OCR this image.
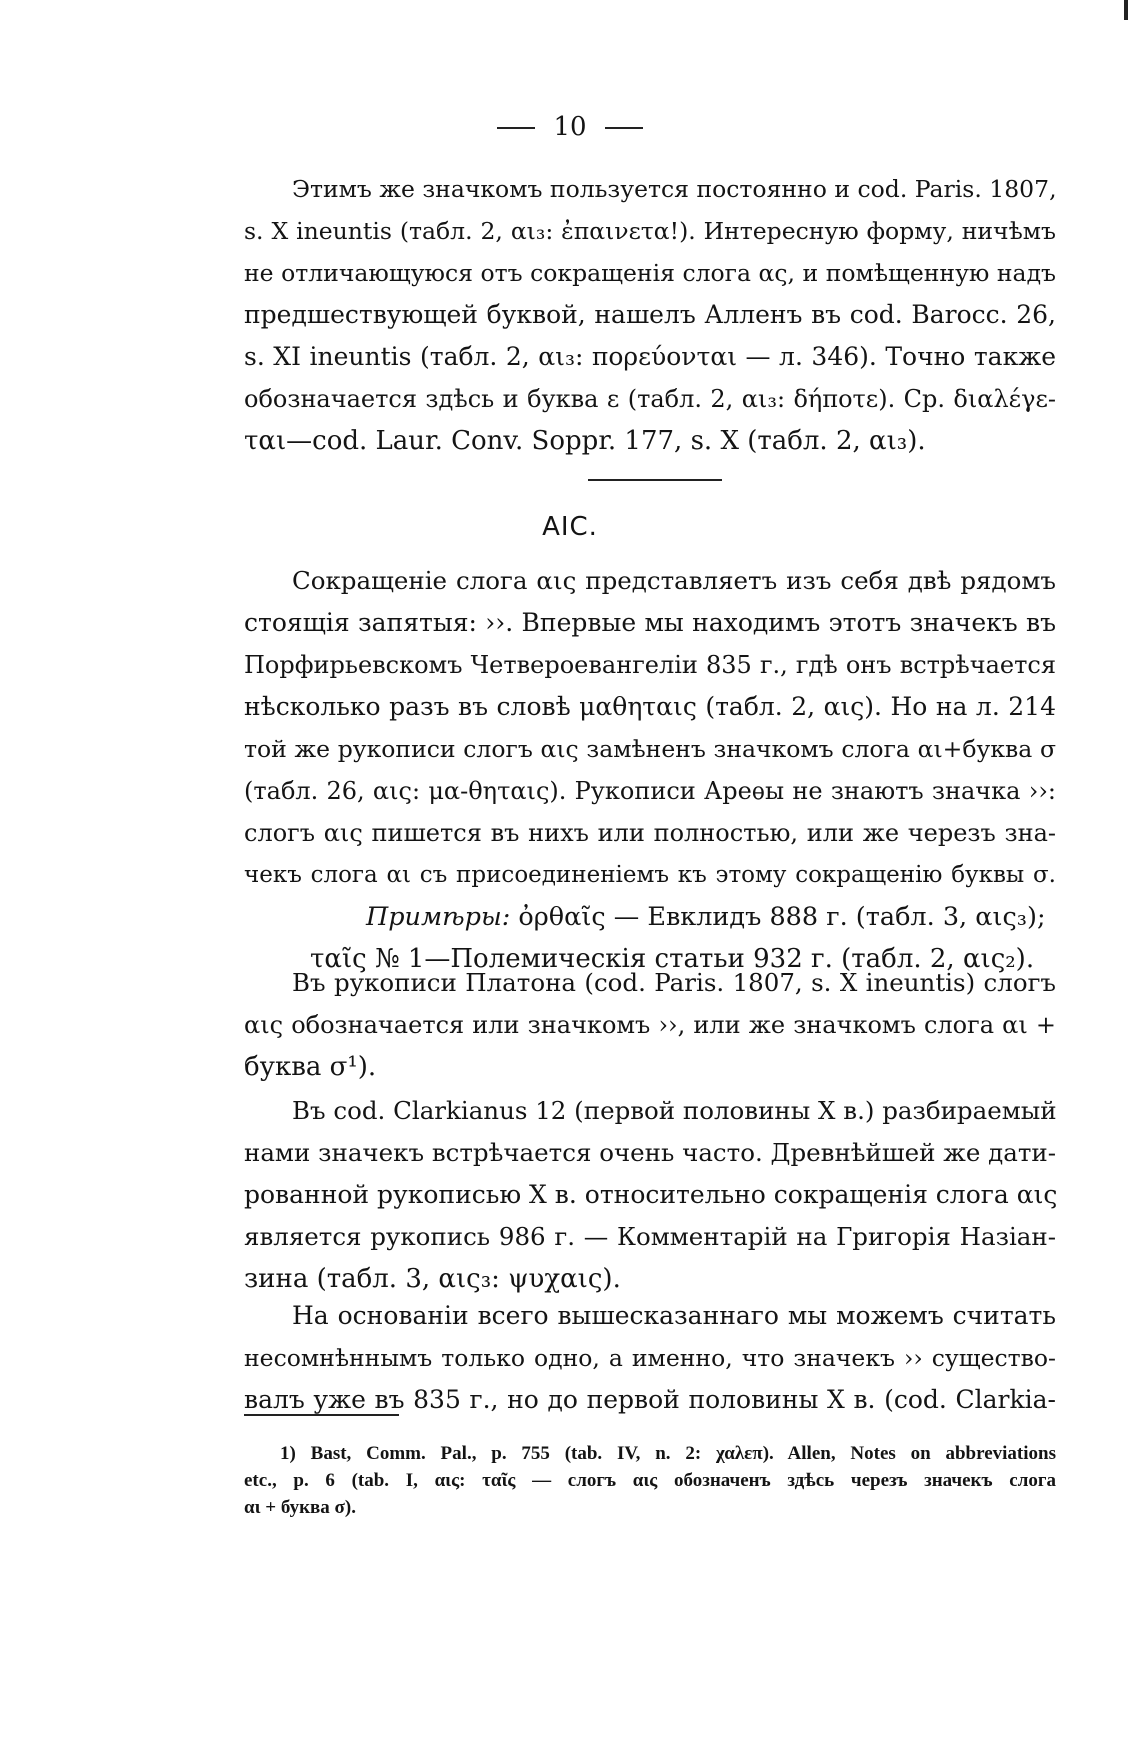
10
Этимъ же значкомъ пользуется постоянно и cod. Paris. 1807,
s. X ineuntis (табл. 2, αι₃: ἐπαινετα!). Интересную форму, ничѣмъ
не отличающуюся отъ сокращенія слога ας, и помѣщенную надъ
предшествующей буквой, нашелъ Алленъ въ cod. Barocc. 26,
s. XI ineuntis (табл. 2, αι₃: πορεύονται — л. 346). Точно также
обозначается здѣсь и буква ε (табл. 2, αι₃: δήποτε). Ср. διαλέγε-
ται—cod. Laur. Conv. Soppr. 177, s. X (табл. 2, αι₃).
AIC.
Сокращеніе слога αις представляетъ изъ себя двѣ рядомъ
стоящія запятыя: ››. Впервые мы находимъ этотъ значекъ въ
Порфирьевскомъ Четвероевангеліи 835 г., гдѣ онъ встрѣчается
нѣсколько разъ въ словѣ μαθηταις (табл. 2, αις). Но на л. 214
той же рукописи слогъ αις замѣненъ значкомъ слога αι+буква σ
(табл. 26, αις: μα-θηταις). Рукописи Ареѳы не знаютъ значка ››:
слогъ αις пишется въ нихъ или полностью, или же черезъ зна-
чекъ слога αι съ присоединеніемъ къ этому сокращенію буквы σ.
Примѣры: ὀρθαῖς — Евклидъ 888 г. (табл. 3, αις₃);
ταῖς № 1—Полемическія статьи 932 г. (табл. 2, αις₂).
Въ рукописи Платона (cod. Paris. 1807, s. X ineuntis) слогъ
αις обозначается или значкомъ ››, или же значкомъ слога αι +
буква σ¹).
Въ cod. Clarkianus 12 (первой половины X в.) разбираемый
нами значекъ встрѣчается очень часто. Древнѣйшей же дати-
рованной рукописью X в. относительно сокращенія слога αις
является рукопись 986 г. — Комментарій на Григорія Назіан-
зина (табл. 3, αις₃: ψυχαις).
На основаніи всего вышесказаннаго мы можемъ считать
несомнѣннымъ только одно, а именно, что значекъ ›› существо-
валъ уже въ 835 г., но до первой половины X в. (cod. Clarkia-
1) Bast, Comm. Pal., p. 755 (tab. IV, n. 2: χαλεπ). Allen, Notes on abbreviations
etc., p. 6 (tab. I, αις: ταῖς — слогъ αις обозначенъ здѣсь черезъ значекъ слога
αι + буква σ).
